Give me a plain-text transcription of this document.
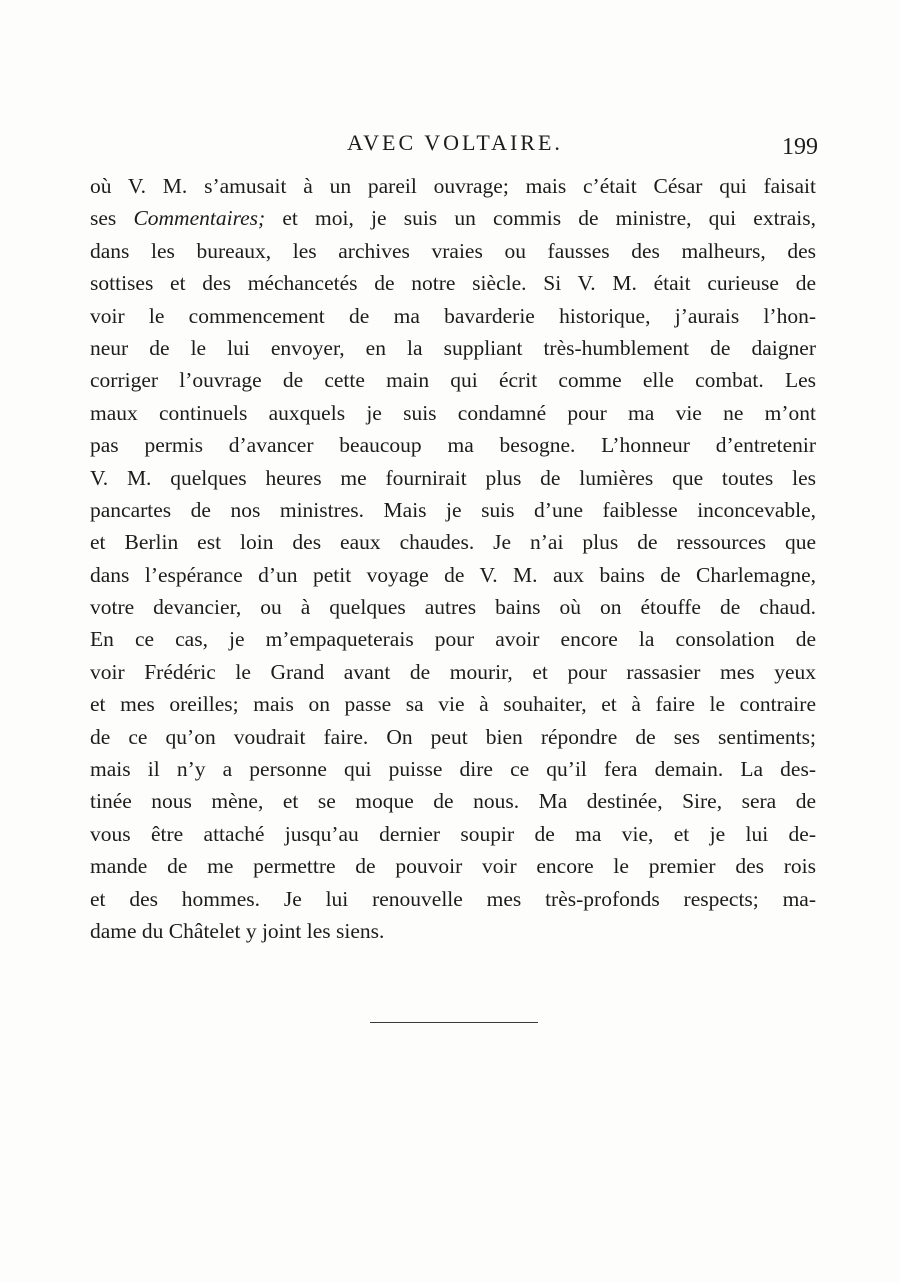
AVEC VOLTAIRE.	199
où V. M. s’amusait à un pareil ouvrage; mais c’était César qui faisait
ses Commentaires; et moi, je suis un commis de ministre, qui extrais,
dans les bureaux, les archives vraies ou fausses des malheurs, des
sottises et des méchancetés de notre siècle. Si V. M. était curieuse de
voir le commencement de ma bavarderie historique, j’aurais l’hon-
neur de le lui envoyer, en la suppliant très-humblement de daigner
corriger l’ouvrage de cette main qui écrit comme elle combat. Les
maux continuels auxquels je suis condamné pour ma vie ne m’ont
pas permis d’avancer beaucoup ma besogne. L’honneur d’entretenir
V. M. quelques heures me fournirait plus de lumières que toutes les
pancartes de nos ministres. Mais je suis d’une faiblesse inconcevable,
et Berlin est loin des eaux chaudes. Je n’ai plus de ressources que
dans l’espérance d’un petit voyage de V. M. aux bains de Charlemagne,
votre devancier, ou à quelques autres bains où on étouffe de chaud.
En ce cas, je m’empaqueterais pour avoir encore la consolation de
voir Frédéric le Grand avant de mourir, et pour rassasier mes yeux
et mes oreilles; mais on passe sa vie à souhaiter, et à faire le contraire
de ce qu’on voudrait faire. On peut bien répondre de ses sentiments;
mais il n’y a personne qui puisse dire ce qu’il fera demain. La des-
tinée nous mène, et se moque de nous. Ma destinée, Sire, sera de
vous être attaché jusqu’au dernier soupir de ma vie, et je lui de-
mande de me permettre de pouvoir voir encore le premier des rois
et des hommes. Je lui renouvelle mes très-profonds respects; ma-
dame du Châtelet y joint les siens.
